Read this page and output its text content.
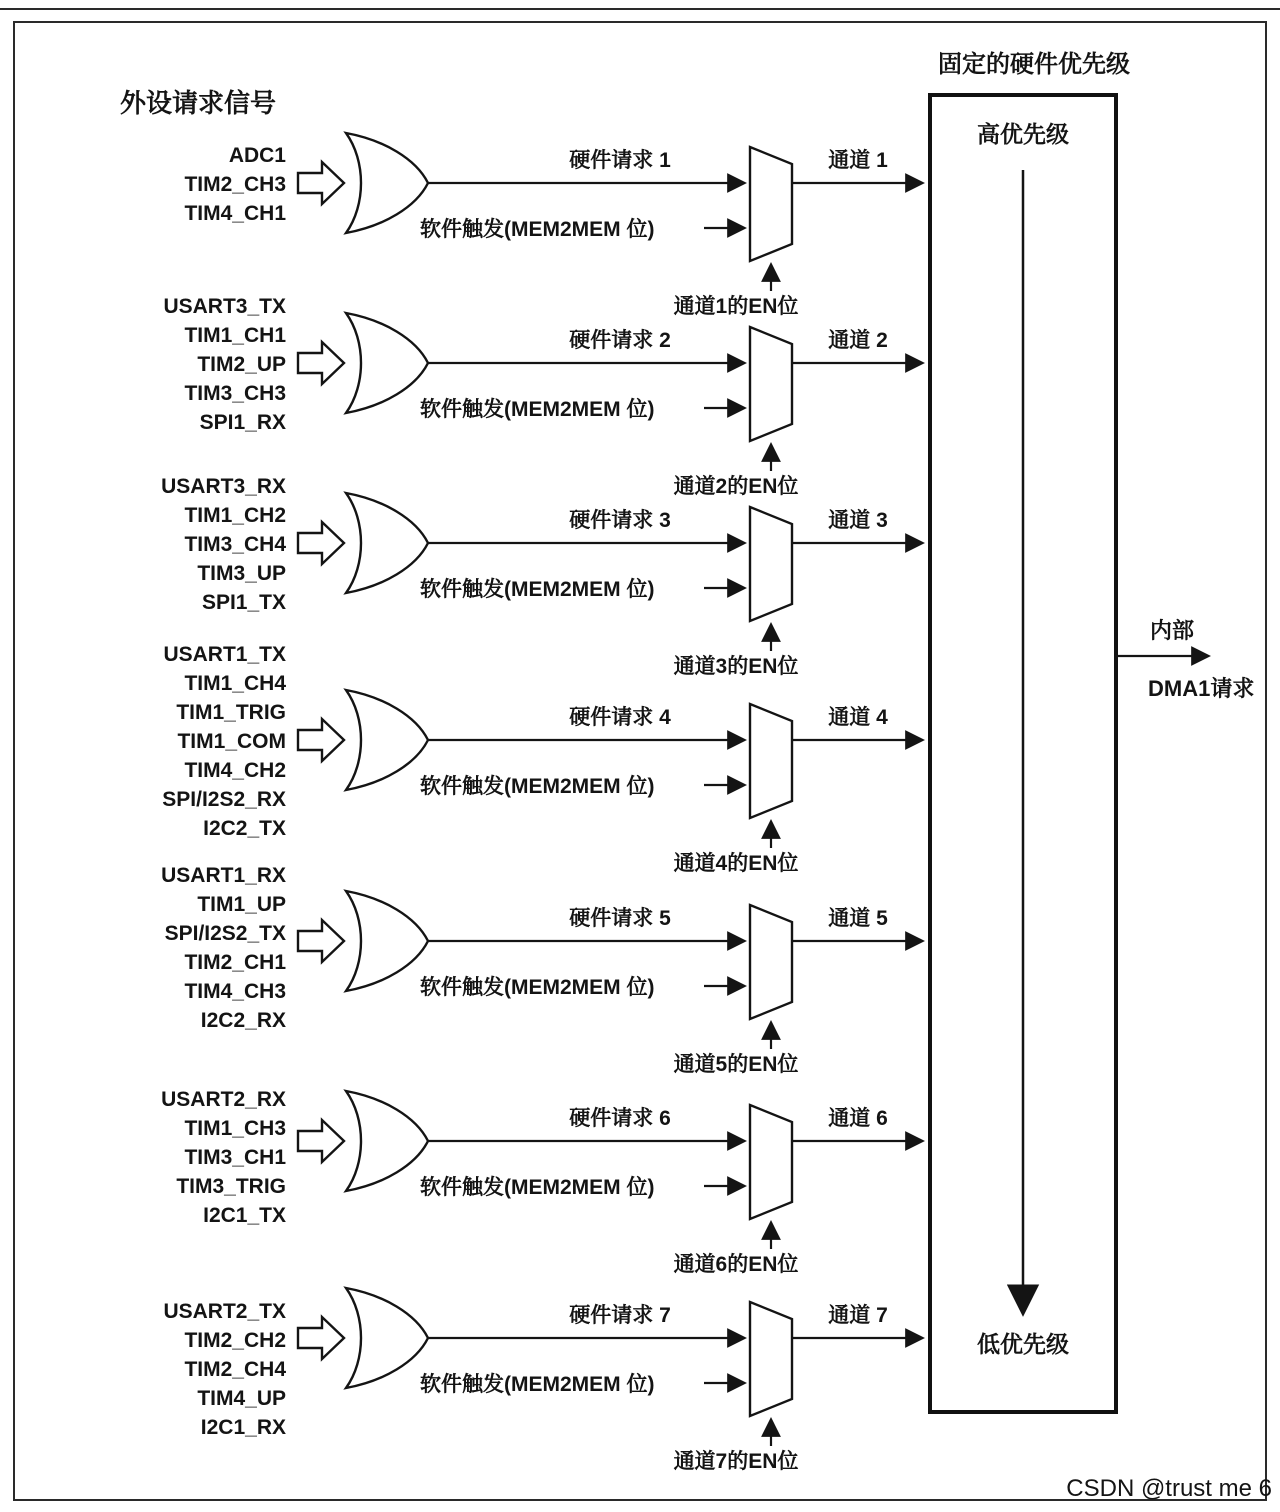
外设请求信号
ADC1
TIM2_CH3
TIM4_CH1
硬件请求 1
软件触发(MEM2MEM 位)
通道 1
通道1的EN位
USART3_TX
TIM1_CH1
TIM2_UP
TIM3_CH3
SPI1_RX
硬件请求 2
软件触发(MEM2MEM 位)
通道 2
通道2的EN位
USART3_RX
TIM1_CH2
TIM3_CH4
TIM3_UP
SPI1_TX
硬件请求 3
软件触发(MEM2MEM 位)
通道 3
通道3的EN位
USART1_TX
TIM1_CH4
TIM1_TRIG
TIM1_COM
TIM4_CH2
SPI/I2S2_RX
I2C2_TX
硬件请求 4
软件触发(MEM2MEM 位)
通道 4
通道4的EN位
USART1_RX
TIM1_UP
SPI/I2S2_TX
TIM2_CH1
TIM4_CH3
I2C2_RX
硬件请求 5
软件触发(MEM2MEM 位)
通道 5
通道5的EN位
USART2_RX
TIM1_CH3
TIM3_CH1
TIM3_TRIG
I2C1_TX
硬件请求 6
软件触发(MEM2MEM 位)
通道 6
通道6的EN位
USART2_TX
TIM2_CH2
TIM2_CH4
TIM4_UP
I2C1_RX
硬件请求 7
软件触发(MEM2MEM 位)
通道 7
通道7的EN位
固定的硬件优先级
高优先级
低优先级
内部
DMA1请求
CSDN @trust me 6
